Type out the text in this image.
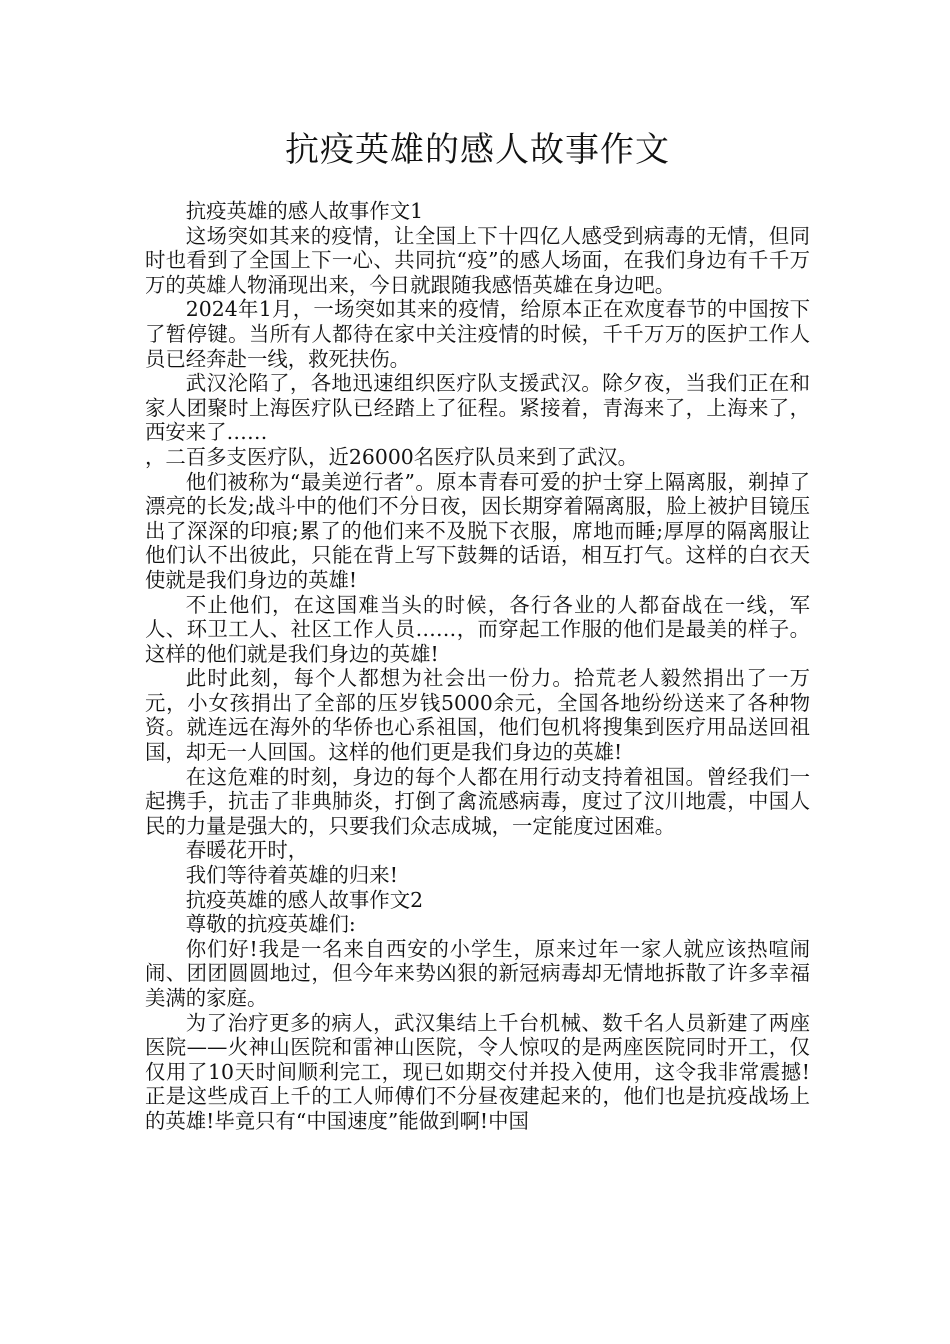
抗疫英雄的感人故事作文

抗疫英雄的感人故事作文1

这场突如其来的疫情，让全国上下十四亿人感受到病毒的无情，但同时也看到了全国上下一心、共同抗“疫”的感人场面，在我们身边有千千万万的英雄人物涌现出来，今日就跟随我感悟英雄在身边吧。

2024年1月，一场突如其来的疫情，给原本正在欢度春节的中国按下了暂停键。当所有人都待在家中关注疫情的时候，千千万万的医护工作人员已经奔赴一线，救死扶伤。

武汉沦陷了，各地迅速组织医疗队支援武汉。除夕夜，当我们正在和家人团聚时上海医疗队已经踏上了征程。紧接着，青海来了，上海来了，西安来了……

，二百多支医疗队，近26000名医疗队员来到了武汉。

他们被称为“最美逆行者”。原本青春可爱的护士穿上隔离服，剃掉了漂亮的长发;战斗中的他们不分日夜，因长期穿着隔离服，脸上被护目镜压出了深深的印痕;累了的他们来不及脱下衣服，席地而睡;厚厚的隔离服让他们认不出彼此，只能在背上写下鼓舞的话语，相互打气。这样的白衣天使就是我们身边的英雄!

不止他们，在这国难当头的时候，各行各业的人都奋战在一线，军人、环卫工人、社区工作人员……，而穿起工作服的他们是最美的样子。这样的他们就是我们身边的英雄!

此时此刻，每个人都想为社会出一份力。拾荒老人毅然捐出了一万元，小女孩捐出了全部的压岁钱5000余元，全国各地纷纷送来了各种物资。就连远在海外的华侨也心系祖国，他们包机将搜集到医疗用品送回祖国，却无一人回国。这样的他们更是我们身边的英雄!

在这危难的时刻，身边的每个人都在用行动支持着祖国。曾经我们一起携手，抗击了非典肺炎，打倒了禽流感病毒，度过了汶川地震，中国人民的力量是强大的，只要我们众志成城，一定能度过困难。

春暖花开时，

我们等待着英雄的归来!

抗疫英雄的感人故事作文2

尊敬的抗疫英雄们:

你们好!我是一名来自西安的小学生，原来过年一家人就应该热喧闹闹、团团圆圆地过，但今年来势凶狠的新冠病毒却无情地拆散了许多幸福美满的家庭。

为了治疗更多的病人，武汉集结上千台机械、数千名人员新建了两座医院——火神山医院和雷神山医院，令人惊叹的是两座医院同时开工，仅仅用了10天时间顺利完工，现已如期交付并投入使用，这令我非常震撼!正是这些成百上千的工人师傅们不分昼夜建起来的，他们也是抗疫战场上的英雄!毕竟只有“中国速度”能做到啊!中国
